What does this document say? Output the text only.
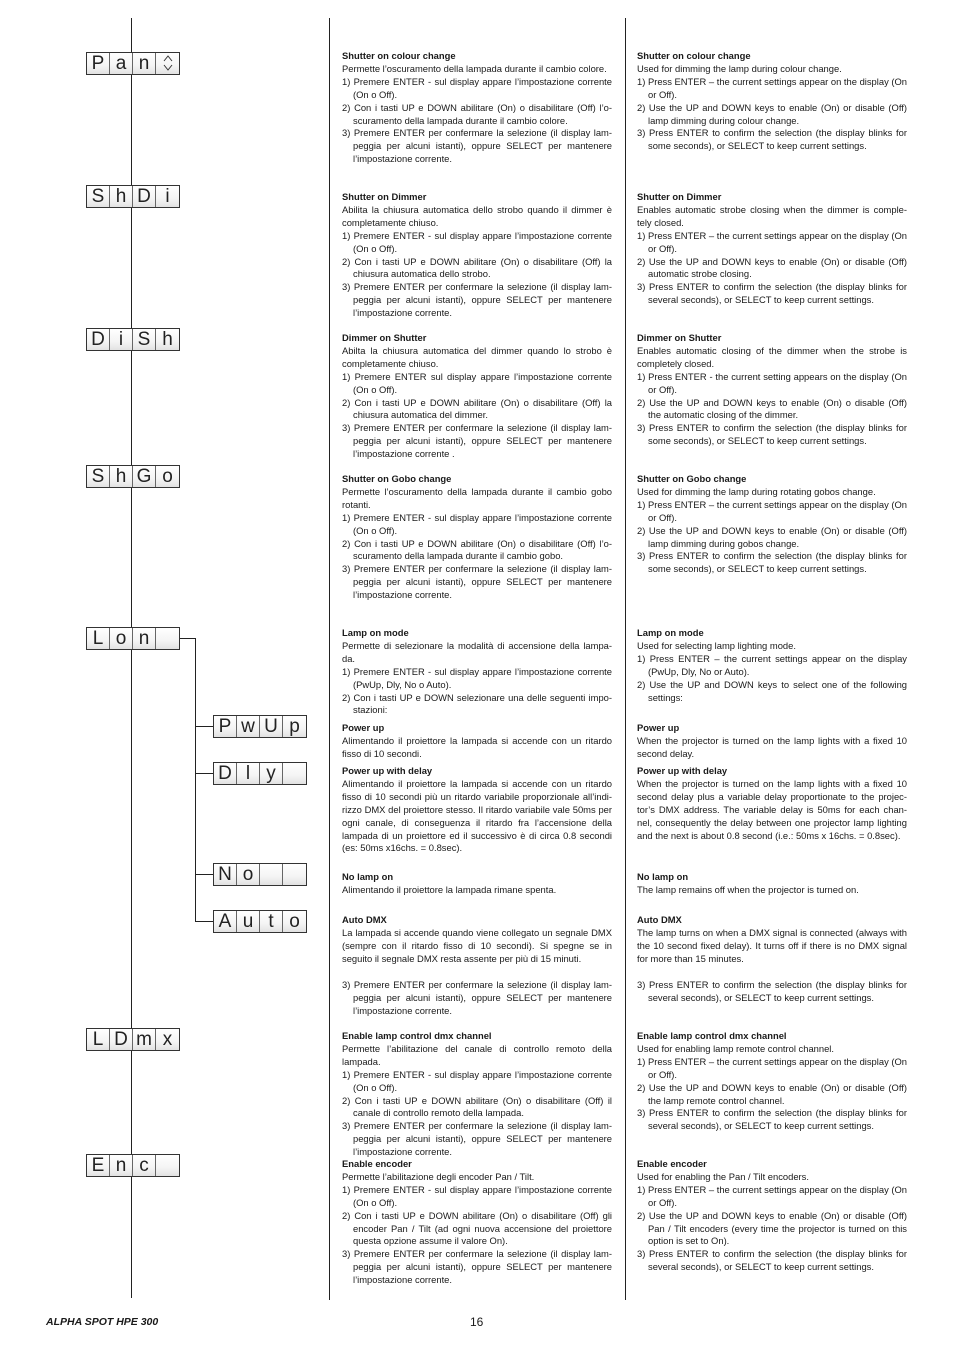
P a n
S h D i
D i S h
S h G o
L o n
P w U p
D l y
N o
A u t o
L D m x
E n c
Shutter on colour change
Permette l’oscuramento della lampada durante il cambio colore.
1) Premere ENTER - sul display appare l’impostazione corrente (On o Off).
2) Con i tasti UP e DOWN abilitare (On) o disabilitare (Off) l’o-scuramento della lampada durante il cambio colore.
3) Premere ENTER per confermare la selezione (il display lam-peggia per alcuni istanti), oppure SELECT per mantenere l’impostazione corrente.
Shutter on Dimmer
Abilita la chiusura automatica dello strobo quando il dimmer è completamente chiuso.
1) Premere ENTER - sul display appare l’impostazione corrente (On o Off).
2) Con i tasti UP e DOWN abilitare (On) o disabilitare (Off) la chiusura automatica dello strobo.
3) Premere ENTER per confermare la selezione (il display lam-peggia per alcuni istanti), oppure SELECT per mantenere l’impostazione corrente.
Dimmer on Shutter
Abilta la chiusura automatica del dimmer quando lo strobo è completamente chiuso.
1) Premere ENTER sul display appare l’impostazione corrente (On o Off).
2) Con i tasti UP e DOWN abilitare (On) o disabilitare (Off) la chiusura automatica del dimmer.
3) Premere ENTER per confermare la selezione (il display lam-peggia per alcuni istanti), oppure SELECT per mantenere l’impostazione corrente .
Shutter on Gobo change
Permette l’oscuramento della lampada durante il cambio gobo rotanti.
1) Premere ENTER - sul display appare l’impostazione corrente (On o Off).
2) Con i tasti UP e DOWN abilitare (On) o disabilitare (Off) l’o-scuramento della lampada durante il cambio gobo.
3) Premere ENTER per confermare la selezione (il display lam-peggia per alcuni istanti), oppure SELECT per mantenere l’impostazione corrente.
Lamp on mode
Permette di selezionare la modalità di accensione della lampa-da.
1) Premere ENTER - sul display appare l’impostazione corrente (PwUp, Dly, No o Auto).
2) Con i tasti UP e DOWN selezionare una delle seguenti impo-stazioni:
Power up
Alimentando il proiettore la lampada si accende con un ritardo fisso di 10 secondi.
Power up with delay
Alimentando il proiettore la lampada si accende con un ritardo fisso di 10 secondi più un ritardo variabile proporzionale all’indi-rizzo DMX del proiettore stesso. Il ritardo variabile vale 50ms per ogni canale, di conseguenza il ritardo fra l’accensione della lampada di un proiettore ed il successivo è di circa 0.8 secondi (es: 50ms x16chs. = 0.8sec).
No lamp on
Alimentando il proiettore la lampada rimane spenta.
Auto DMX
La lampada si accende quando viene collegato un segnale DMX (sempre con il ritardo fisso di 10 secondi). Si spegne se in seguito il segnale DMX resta assente per più di 15 minuti.
3) Premere ENTER per confermare la selezione (il display lam-peggia per alcuni istanti), oppure SELECT per mantenere l’impostazione corrente.
Enable lamp control dmx channel
Permette l’abilitazione del canale di controllo remoto della lampada.
1) Premere ENTER - sul display appare l’impostazione corrente (On o Off).
2) Con i tasti UP e DOWN abilitare (On) o disabilitare (Off) il canale di controllo remoto della lampada.
3) Premere ENTER per confermare la selezione (il display lam-peggia per alcuni istanti), oppure SELECT per mantenere l’impostazione corrente.
Enable encoder
Permette l’abilitazione degli encoder Pan / Tilt.
1) Premere ENTER - sul display appare l’impostazione corrente (On o Off).
2) Con i tasti UP e DOWN abilitare (On) o disabilitare (Off) gli encoder Pan / Tilt (ad ogni nuova accensione del proiettore questa opzione assume il valore On).
3) Premere ENTER per confermare la selezione (il display lam-peggia per alcuni istanti), oppure SELECT per mantenere l’impostazione corrente.
Shutter on colour change
Used for dimming the lamp during colour change.
1) Press ENTER – the current settings appear on the display (On or Off).
2) Use the UP and DOWN keys to enable (On) or disable (Off) lamp dimming during colour change.
3) Press ENTER to confirm the selection (the display blinks for some seconds), or SELECT to keep current settings.
Shutter on Dimmer
Enables automatic strobe closing when the dimmer is comple-tely closed.
1) Press ENTER – the current settings appear on the display (On or Off).
2) Use the UP and DOWN keys to enable (On) or disable (Off) automatic strobe closing.
3) Press ENTER to confirm the selection (the display blinks for several seconds), or SELECT to keep current settings.
Dimmer on Shutter
Enables automatic closing of the dimmer when the strobe is completely closed.
1) Press ENTER - the current setting appears on the display (On or Off).
2) Use the UP and DOWN keys to enable (On) o disable (Off) the automatic closing of the dimmer.
3) Press ENTER to confirm the selection (the display blinks for some seconds), or SELECT to keep current settings.
Shutter on Gobo change
Used for dimming the lamp during rotating gobos change.
1) Press ENTER – the current settings appear on the display (On or Off).
2) Use the UP and DOWN keys to enable (On) or disable (Off) lamp dimming during gobos change.
3) Press ENTER to confirm the selection (the display blinks for some seconds), or SELECT to keep current settings.
Lamp on mode
Used for selecting lamp lighting mode.
1) Press ENTER – the current settings appear on the display (PwUp, Dly, No or Auto).
2) Use the UP and DOWN keys to select one of the following settings:
Power up
When the projector is turned on the lamp lights with a fixed 10 second delay.
Power up with delay
When the projector is turned on the lamp lights with a fixed 10 second delay plus a variable delay proportionate to the projec-tor’s DMX address. The variable delay is 50ms for each chan-nel, consequently the delay between one projector lamp lighting and the next is about 0.8 second (i.e.: 50ms x 16chs. = 0.8sec).
No lamp on
The lamp remains off when the projector is turned on.
Auto DMX
The lamp turns on when a DMX signal is connected (always with the 10 second fixed delay). It turns off if there is no DMX signal for more than 15 minutes.
3) Press ENTER to confirm the selection (the display blinks for several seconds), or SELECT to keep current settings.
Enable lamp control dmx channel
Used for enabling lamp remote control channel.
1) Press ENTER – the current settings appear on the display (On or Off).
2) Use the UP and DOWN keys to enable (On) or disable (Off) the lamp remote control channel.
3) Press ENTER to confirm the selection (the display blinks for several seconds), or SELECT to keep current settings.
Enable encoder
Used for enabling the Pan / Tilt encoders.
1) Press ENTER – the current settings appear on the display (On or Off).
2) Use the UP and DOWN keys to enable (On) or disable (Off) Pan / Tilt encoders (every time the projector is turned on this option is set to On).
3) Press ENTER to confirm the selection (the display blinks for several seconds), or SELECT to keep current settings.
ALPHA SPOT HPE 300	16
